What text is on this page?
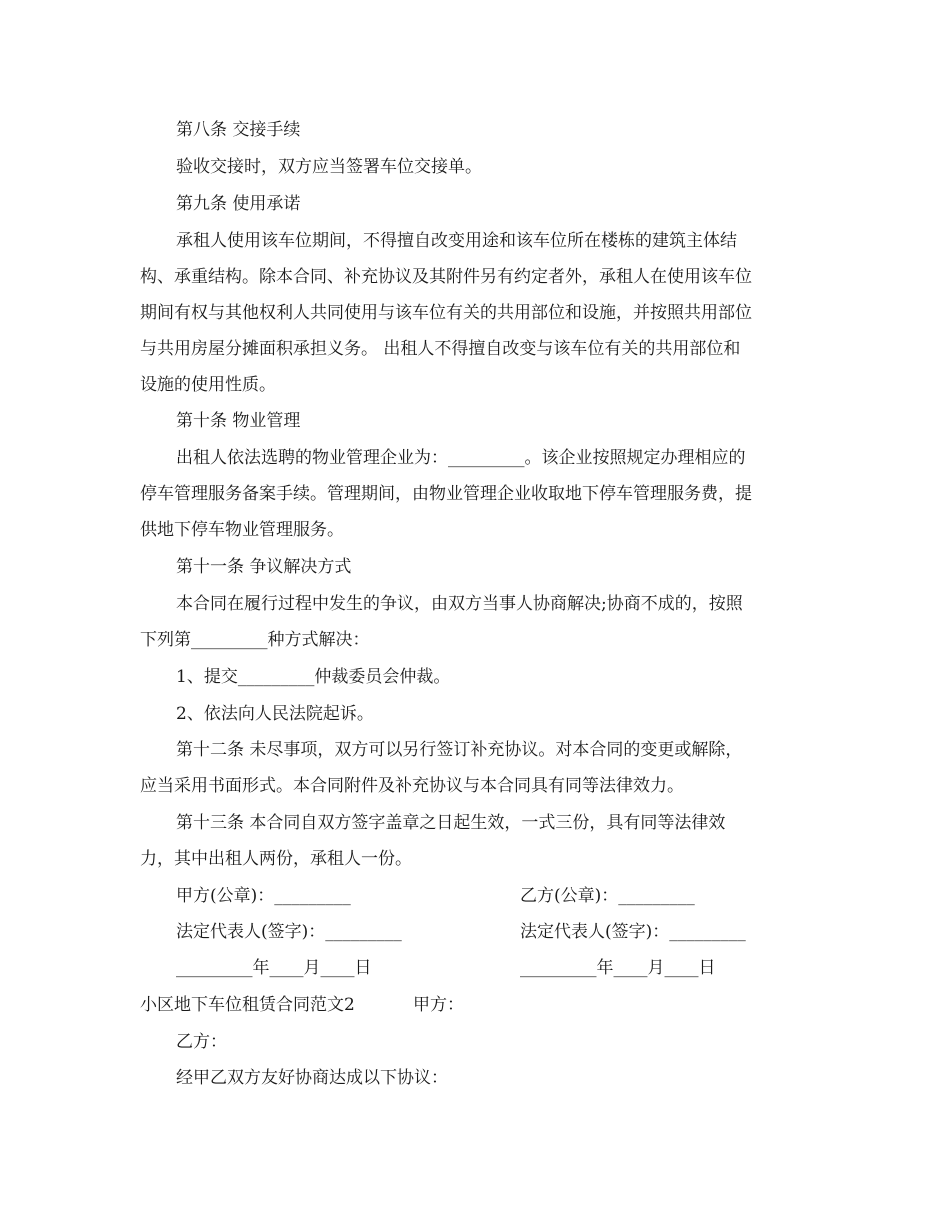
第八条 交接手续
验收交接时，双方应当签署车位交接单。
第九条 使用承诺
承租人使用该车位期间，不得擅自改变用途和该车位所在楼栋的建筑主体结
构、承重结构。除本合同、补充协议及其附件另有约定者外，承租人在使用该车位
期间有权与其他权利人共同使用与该车位有关的共用部位和设施，并按照共用部位
与共用房屋分摊面积承担义务。 出租人不得擅自改变与该车位有关的共用部位和
设施的使用性质。
第十条 物业管理
出租人依法选聘的物业管理企业为：_________。该企业按照规定办理相应的
停车管理服务备案手续。管理期间，由物业管理企业收取地下停车管理服务费，提
供地下停车物业管理服务。
第十一条 争议解决方式
本合同在履行过程中发生的争议，由双方当事人协商解决;协商不成的，按照
下列第_________种方式解决：
1、提交_________仲裁委员会仲裁。
2、依法向人民法院起诉。
第十二条 未尽事项，双方可以另行签订补充协议。对本合同的变更或解除，
应当采用书面形式。本合同附件及补充协议与本合同具有同等法律效力。
第十三条 本合同自双方签字盖章之日起生效，一式三份，具有同等法律效
力，其中出租人两份，承租人一份。
甲方(公章)：_________	乙方(公章)：_________
法定代表人(签字)：_________	法定代表人(签字)：_________
_________年____月____日	_________年____月____日
小区地下车位租赁合同范文2	甲方：
乙方：
经甲乙双方友好协商达成以下协议：
